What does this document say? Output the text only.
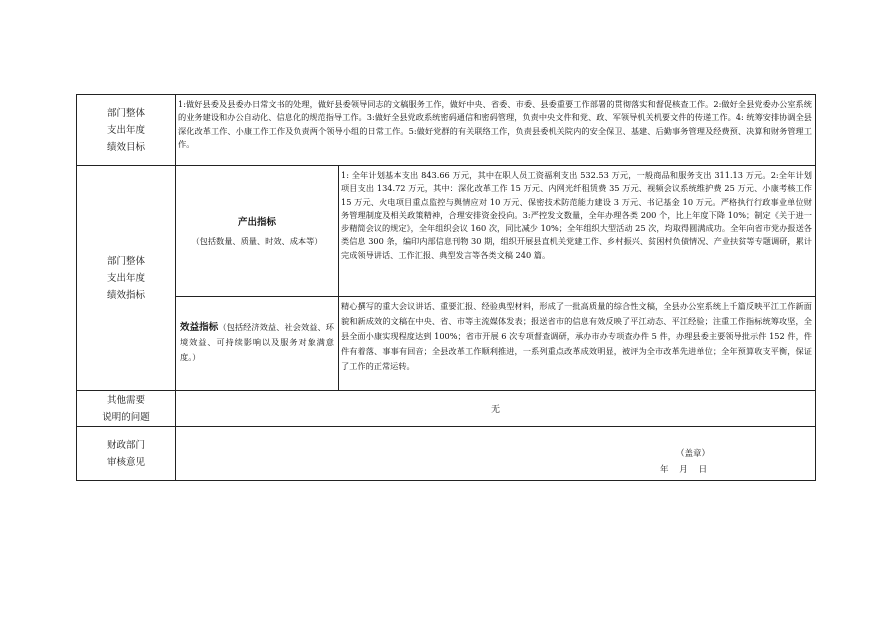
部门整体
支出年度
绩效目标
1:做好县委及县委办日常文书的处理，做好县委领导同志的文稿服务工作，做好中央、省委、市委、县委重要工作部署的贯彻落实和督促核查工作。2:做好全县党委办公室系统的业务建设和办公自动化、信息化的规范指导工作。3:做好全县党政系统密码通信和密码管理，负责中央文件和党、政、军领导机关机要文件的传递工作。4: 统筹安排协调全县深化改革工作、小康工作工作及负责两个领导小组的日常工作。5:做好党群的有关联络工作，负责县委机关院内的安全保卫、基建、后勤事务管理及经费预、决算和财务管理工作。
部门整体
支出年度
绩效指标
产出指标
（包括数量、质量、时效、成本等）
1: 全年计划基本支出 843.66 万元，其中在职人员工资福利支出 532.53 万元，一般商品和服务支出 311.13 万元。2:全年计划项目支出 134.72 万元，其中：深化改革工作 15 万元、内网光纤租赁费 35 万元、视频会议系统维护费 25 万元、小康考核工作 15 万元、火电项目重点监控与舆情应对 10 万元、保密技术防范能力建设 3 万元、书记基金 10 万元。严格执行行政事业单位财务管理制度及相关政策精神，合理安排资金投向。3:严控发文数量，全年办理各类 200 个，比上年度下降 10%；制定《关于进一步精简会议的规定》，全年组织会议 160 次，同比减少 10%；全年组织大型活动 25 次，均取得圆满成功。全年向省市党办报送各类信息 300 条，编印内部信息刊物 30 期，组织开展县直机关党建工作、乡村振兴、贫困村负债情况、产业扶贫等专题调研，累计完成领导讲话、工作汇报、典型发言等各类文稿 240 篇。
效益指标（包括经济效益、社会效益、环境效益、可持续影响以及服务对象满意度。）
精心撰写的重大会议讲话、重要汇报、经验典型材料，形成了一批高质量的综合性文稿，全县办公室系统上千篇反映平江工作新面貌和新成效的文稿在中央、省、市等主流媒体发表；报送省市的信息有效反映了平江动态、平江经验；注重工作指标统筹攻坚，全县全面小康实现程度达到 100%；省市开展 6 次专项督查调研，承办市办专项查办件 5 件，办理县委主要领导批示件 152 件，件件有着落、事事有回音；全县改革工作顺利推进，一系列重点改革成效明显，被评为全市改革先进单位；全年预算收支平衡，保证了工作的正常运转。
其他需要
说明的问题
无
财政部门
审核意见
（盖章）
年    月    日
